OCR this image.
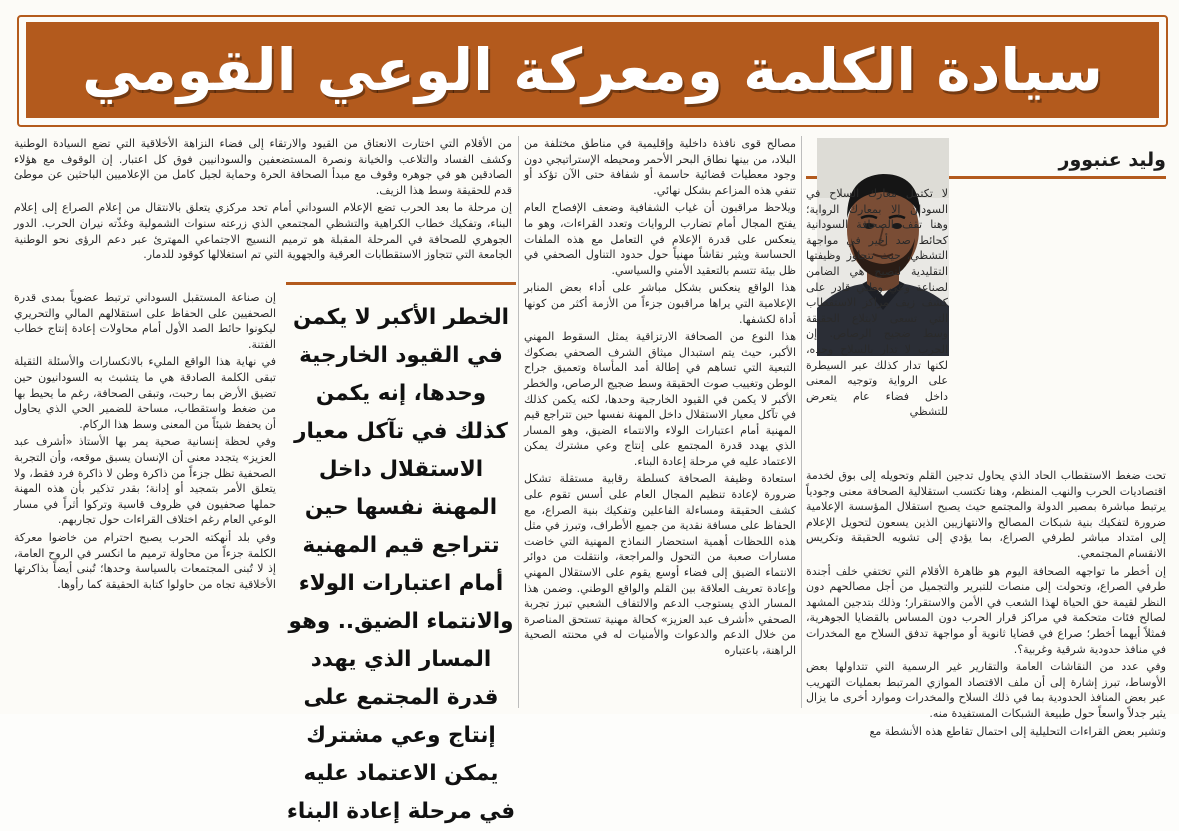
سيادة الكلمة ومعركة الوعي القومي
وليد عنبوور

لا تكتمل معارك السلاح في السودان إلا بمعارك الرواية؛ وهنا تقف الصحافة السودانية كحائط صد أخير في مواجهة التشظي، حيث تتجاوز وظيفتها التقليدية لتصبح هي الضامن لصناعة وعي وطني قادر على كشف زيف مراكز الاستقطاب التي تسعى لابتلاع الحقيقة وسط ضجيج الرصاص. إن الحرب لا تدار بالسلاح وحده، لكنها تدار كذلك عبر السيطرة على الرواية وتوجيه المعنى داخل فضاء عام يتعرض للتشظي

تحت ضغط الاستقطاب الحاد الذي يحاول تدجين القلم وتحويله إلى بوق لخدمة اقتصاديات الحرب والنهب المنظم، وهنا تكتسب استقلالية الصحافة معنى وجودياً يرتبط مباشرة بمصير الدولة والمجتمع حيث يصبح استقلال المؤسسة الإعلامية ضرورة لتفكيك بنية شبكات المصالح والانتهازيين الذين يسعون لتحويل الإعلام إلى امتداد مباشر لطرفي الصراع، بما يؤدي إلى تشويه الحقيقة وتكريس الانقسام المجتمعي.

إن أخطر ما تواجهه الصحافة اليوم هو ظاهرة الأقلام التي تختفي خلف أجندة طرفي الصراع، وتحولت إلى منصات للتبرير والتجميل من أجل مصالحهم دون النظر لقيمة حق الحياة لهذا الشعب في الأمن والاستقرار؛ وذلك بتدجين المشهد لصالح فئات متحكمة في مراكز قرار الحرب دون المساس بالقضايا الجوهرية، فمثلاً أيهما أخطر؛ صراع في قضايا ثانوية أو مواجهة تدفق السلاح مع المخدرات في منافذ حدودية شرقية وغربية؟.

وفي عدد من النقاشات العامة والتقارير غير الرسمية التي تتداولها بعض الأوساط، تبرز إشارة إلى أن ملف الاقتصاد الموازي المرتبط بعمليات التهريب عبر بعض المنافذ الحدودية بما في ذلك السلاح والمخدرات وموارد أخرى ما يزال يثير جدلاً واسعاً حول طبيعة الشبكات المستفيدة منه.

وتشير بعض القراءات التحليلية إلى احتمال تقاطع هذه الأنشطة مع

مصالح قوى نافذة داخلية وإقليمية في مناطق مختلفة من البلاد، من بينها نطاق البحر الأحمر ومحيطه الإستراتيجي دون وجود معطيات قضائية حاسمة أو شفافة حتى الآن تؤكد أو تنفي هذه المزاعم بشكل نهائي.

ويلاحظ مراقبون أن غياب الشفافية وضعف الإفصاح العام يفتح المجال أمام تضارب الروايات وتعدد القراءات، وهو ما ينعكس على قدرة الإعلام في التعامل مع هذه الملفات الحساسة ويثير نقاشاً مهنياً حول حدود التناول الصحفي في ظل بيئة تتسم بالتعقيد الأمني والسياسي.

هذا الواقع ينعكس بشكل مباشر على أداء بعض المنابر الإعلامية التي يراها مراقبون جزءاً من الأزمة أكثر من كونها أداة لكشفها.

هذا النوع من الصحافة الارتزاقية يمثل السقوط المهني الأكبر، حيث يتم استبدال ميثاق الشرف الصحفي بصكوك التبعية التي تساهم في إطالة أمد المأساة وتعميق جراح الوطن وتغييب صوت الحقيقة وسط ضجيج الرصاص، والخطر الأكبر لا يكمن في القيود الخارجية وحدها، لكنه يكمن كذلك في تآكل معيار الاستقلال داخل المهنة نفسها حين تتراجع قيم المهنية أمام اعتبارات الولاء والانتماء الضيق، وهو المسار الذي يهدد قدرة المجتمع على إنتاج وعي مشترك يمكن الاعتماد عليه في مرحلة إعادة البناء.

استعادة وظيفة الصحافة كسلطة رقابية مستقلة تشكل ضرورة لإعادة تنظيم المجال العام على أسس تقوم على كشف الحقيقة ومساءلة الفاعلين وتفكيك بنية الصراع، مع الحفاظ على مسافة نقدية من جميع الأطراف، وتبرز في مثل هذه اللحظات أهمية استحضار النماذج المهنية التي خاضت مسارات صعبة من التحول والمراجعة، وانتقلت من دوائر الانتماء الضيق إلى فضاء أوسع يقوم على الاستقلال المهني وإعادة تعريف العلاقة بين القلم والواقع الوطني. وضمن هذا المسار الذي يستوجب الدعم والالتفاف الشعبي تبرز تجربة الصحفي «أشرف عبد العزيز» كحالة مهنية تستحق المناصرة من خلال الدعم والدعوات والأمنيات له في محنته الصحية الراهنة، باعتباره

من الأقلام التي اختارت الانعتاق من القيود والارتقاء إلى فضاء النزاهة الأخلاقية التي تضع السيادة الوطنية وكشف الفساد والتلاعب والخيانة ونصرة المستضعفين والسودانيين فوق كل اعتبار. إن الوقوف مع هؤلاء الصادقين هو في جوهره وقوف مع مبدأ الصحافة الحرة وحماية لجيل كامل من الإعلاميين الباحثين عن موطئ قدم للحقيقة وسط هذا الزيف.

إن مرحلة ما بعد الحرب تضع الإعلام السوداني أمام تحد مركزي يتعلق بالانتقال من إعلام الصراع إلى إعلام البناء، وتفكيك خطاب الكراهية والتشظي المجتمعي الذي زرعته سنوات الشمولية وغذّته نيران الحرب. الدور الجوهري للصحافة في المرحلة المقبلة هو ترميم النسيج الاجتماعي المهترئ عبر دعم الرؤى نحو الوطنية الجامعة التي تتجاوز الاستقطابات العرقية والجهوية التي تم استغلالها كوقود للدمار.

الخطر الأكبر لا يكمن في القيود الخارجية وحدها، إنه يكمن كذلك في تآكل معيار الاستقلال داخل المهنة نفسها حين تتراجع قيم المهنية أمام اعتبارات الولاء والانتماء الضيق.. وهو المسار الذي يهدد قدرة المجتمع على إنتاج وعي مشترك يمكن الاعتماد عليه في مرحلة إعادة البناء

إن صناعة المستقبل السوداني ترتبط عضوياً بمدى قدرة الصحفيين على الحفاظ على استقلالهم المالي والتحريري ليكونوا حائط الصد الأول أمام محاولات إعادة إنتاج خطاب الفتنة.

في نهاية هذا الواقع المليء بالانكسارات والأسئلة الثقيلة تبقى الكلمة الصادقة هي ما يتشبث به السودانيون حين تضيق الأرض بما رحبت، وتبقى الصحافة، رغم ما يحيط بها من ضغط واستقطاب، مساحة للضمير الحي الذي يحاول أن يحفظ شيئاً من المعنى وسط هذا الركام.

وفي لحظة إنسانية صحية يمر بها الأستاذ «أشرف عبد العزيز» يتجدد معنى أن الإنسان يسبق موقعه، وأن التجربة الصحفية تظل جزءاً من ذاكرة وطن لا ذاكرة فرد فقط، ولا يتعلق الأمر بتمجيد أو إدانة؛ بقدر تذكير بأن هذه المهنة حملها صحفيون في ظروف قاسية وتركوا أثراً في مسار الوعي العام رغم اختلاف القراءات حول تجاربهم.

وفي بلد أنهكته الحرب يصبح احترام من خاضوا معركة الكلمة جزءاً من محاولة ترميم ما انكسر في الروح العامة، إذ لا تُبنى المجتمعات بالسياسة وحدها؛ تُبنى أيضاً بذاكرتها الأخلاقية تجاه من حاولوا كتابة الحقيقة كما رأوها.
